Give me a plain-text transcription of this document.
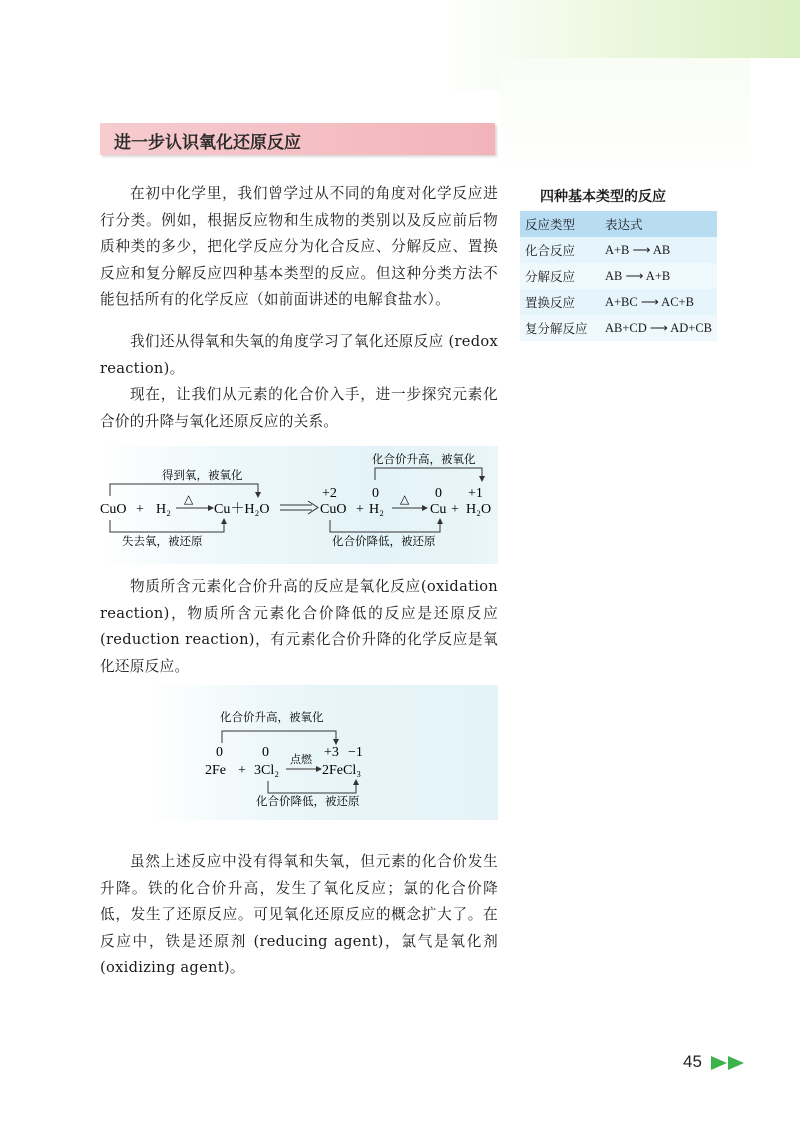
进一步认识氧化还原反应

在初中化学里，我们曾学过从不同的角度对化学反应进行分类。例如，根据反应物和生成物的类别以及反应前后物质种类的多少，把化学反应分为化合反应、分解反应、置换反应和复分解反应四种基本类型的反应。但这种分类方法不能包括所有的化学反应（如前面讲述的电解食盐水）。

我们还从得氧和失氧的角度学习了氧化还原反应 (redox reaction)。

现在，让我们从元素的化合价入手，进一步探究元素化合价的升降与氧化还原反应的关系。

得到氧，被氧化
CuO + H₂
△
Cu＋H₂O
失去氧，被还原
化合价升高，被氧化
+2	0	0 +1
CuO + H₂
△
Cu + H₂O
化合价降低，被还原

物质所含元素化合价升高的反应是氧化反应(oxidation reaction)，物质所含元素化合价降低的反应是还原反应 (reduction reaction)，有元素化合价升降的化学反应是氧化还原反应。

化合价升高，被氧化
0	0	+3 −1
点燃
2Fe + 3Cl₂	2FeCl₃
化合价降低，被还原

虽然上述反应中没有得氧和失氧，但元素的化合价发生升降。铁的化合价升高，发生了氧化反应；氯的化合价降低，发生了还原反应。可见氧化还原反应的概念扩大了。在反应中，铁是还原剂 (reducing agent)，氯气是氧化剂 (oxidizing agent)。

四种基本类型的反应
反应类型	表达式
化合反应	A+B ⟶ AB
分解反应	AB ⟶ A+B
置换反应	A+BC ⟶ AC+B
复分解反应	AB+CD ⟶ AD+CB
45
